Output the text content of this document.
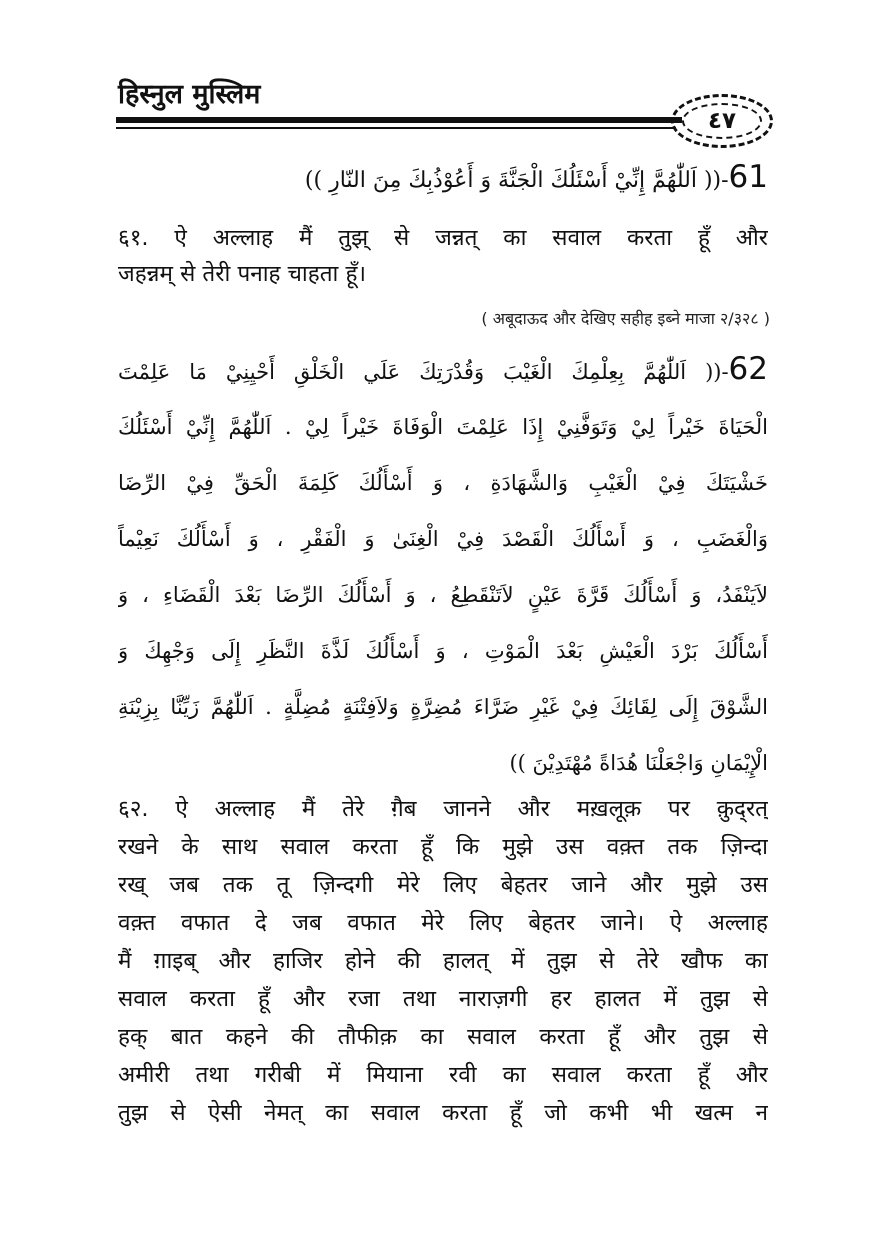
हिस्नुल मुस्लिम
٤٧
61-(( اَللّٰهُمَّ إِنِّيْ أَسْئَلُكَ الْجَنَّةَ وَ أَعُوْذُبِكَ مِنَ النّارِ ))
६१. ऐ अल्लाह मैं तुझ् से जन्नत् का सवाल करता हूँ और
जहन्नम् से तेरी पनाह चाहता हूँ।
( अबूदाऊद और देखिए सहीह इब्ने माजा २/३२८ )
62-(( اَللّٰهُمَّ بِعِلْمِكَ الْغَيْبَ وَقُدْرَتِكَ عَلَي الْخَلْقِ أَحْيِنِيْ مَا عَلِمْتَ
الْحَيَاةَ خَيْراً لِيْ وَتَوَفَّنِيْ إِذَا عَلِمْتَ الْوَفَاةَ خَيْراً لِيْ . اَللّٰهُمَّ إِنِّيْ أَسْئَلُكَ
خَشْيَتَكَ فِيْ الْغَيْبِ وَالشَّهَادَةِ ، وَ أَسْأَلُكَ كَلِمَةَ الْحَقِّ فِيْ الرِّضَا
وَالْغَضَبِ ، وَ أَسْأَلُكَ الْقَصْدَ فِيْ الْغِنَىٰ وَ الْفَقْرِ ، وَ أَسْأَلُكَ نَعِيْماً
لاَيَنْفَدُ، وَ أَسْأَلُكَ قَرَّةَ عَيْنٍ لاَتَنْقَطِعُ ، وَ أَسْأَلُكَ الرِّضَا بَعْدَ الْقَضَاءِ ، وَ
أَسْأَلُكَ بَرْدَ الْعَيْشِ بَعْدَ الْمَوْتِ ، وَ أَسْأَلُكَ لَذَّةَ النَّظَرِ إِلَى وَجْهِكَ وَ
الشَّوْقَ إِلَى لِقَائِكَ فِيْ غَيْرِ ضَرَّاءَ مُضِرَّةٍ وَلاَفِتْنَةٍ مُضِلَّةٍ . اَللّٰهُمَّ زَيِّنَّا بِزِيْنَةِ
الْإِيْمَانِ وَاجْعَلْنَا هُدَاةً مُهْتَدِيْنَ ))
६२. ऐ अल्लाह मैं तेरे ग़ैब जानने और मख़लूक़ पर क़ुद्‌रत्
रखने के साथ सवाल करता हूँ कि मुझे उस वक़्त तक ज़िन्दा
रख् जब तक तू ज़िन्दगी मेरे लिए बेहतर जाने और मुझे उस
वक़्त वफात दे जब वफात मेरे लिए बेहतर जाने। ऐ अल्लाह
मैं ग़ाइब् और हाजिर होने की हालत् में तुझ से तेरे खौफ का
सवाल करता हूँ और रजा तथा नाराज़गी हर हालत में तुझ से
हक् बात कहने की तौफीक़ का सवाल करता हूँ और तुझ से
अमीरी तथा गरीबी में मियाना रवी का सवाल करता हूँ और
तुझ से ऐसी नेमत् का सवाल करता हूँ जो कभी भी खत्म न
